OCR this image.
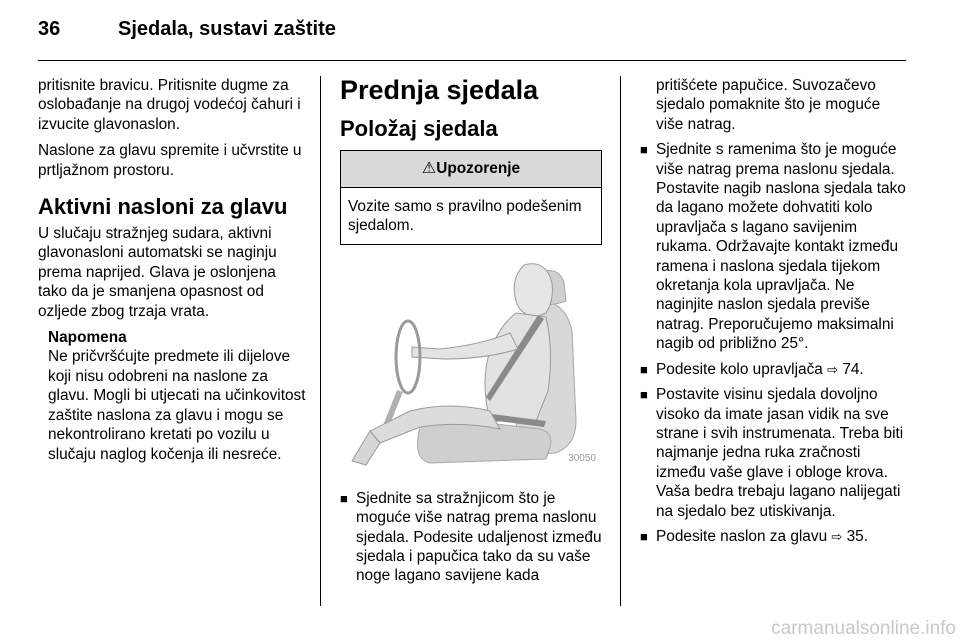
36	Sjedala, sustavi zaštite

pritisnite bravicu. Pritisnite dugme za oslobađanje na drugoj vodećoj čahuri i izvucite glavonaslon.

Naslone za glavu spremite i učvrstite u prtljažnom prostoru.

Aktivni nasloni za glavu

U slučaju stražnjeg sudara, aktivni glavonasloni automatski se naginju prema naprijed. Glava je oslonjena tako da je smanjena opasnost od ozljede zbog trzaja vrata.

Napomena
Ne pričvršćujte predmete ili dijelove koji nisu odobreni na naslone za glavu. Mogli bi utjecati na učinkovitost zaštite naslona za glavu i mogu se nekontrolirano kretati po vozilu u slučaju naglog kočenja ili nesreće.
Prednja sjedala
Položaj sjedala
⚠Upozorenje
Vozite samo s pravilno podešenim sjedalom.
30050
■ Sjednite sa stražnjicom što je moguće više natrag prema naslonu sjedala. Podesite udaljenost između sjedala i papučica tako da su vaše noge lagano savijene kada
pritišćete papučice. Suvozačevo sjedalo pomaknite što je moguće više natrag.
■ Sjednite s ramenima što je moguće više natrag prema naslonu sjedala. Postavite nagib naslona sjedala tako da lagano možete dohvatiti kolo upravljača s lagano savijenim rukama. Održavajte kontakt između ramena i naslona sjedala tijekom okretanja kola upravljača. Ne naginjite naslon sjedala previše natrag. Preporučujemo maksimalni nagib od približno 25°.
■ Podesite kolo upravljača ⇨ 74.
■ Postavite visinu sjedala dovoljno visoko da imate jasan vidik na sve strane i svih instrumenata. Treba biti najmanje jedna ruka zračnosti između vaše glave i obloge krova. Vaša bedra trebaju lagano nalijegati na sjedalo bez utiskivanja.
■ Podesite naslon za glavu ⇨ 35.
carmanualsonline.info
